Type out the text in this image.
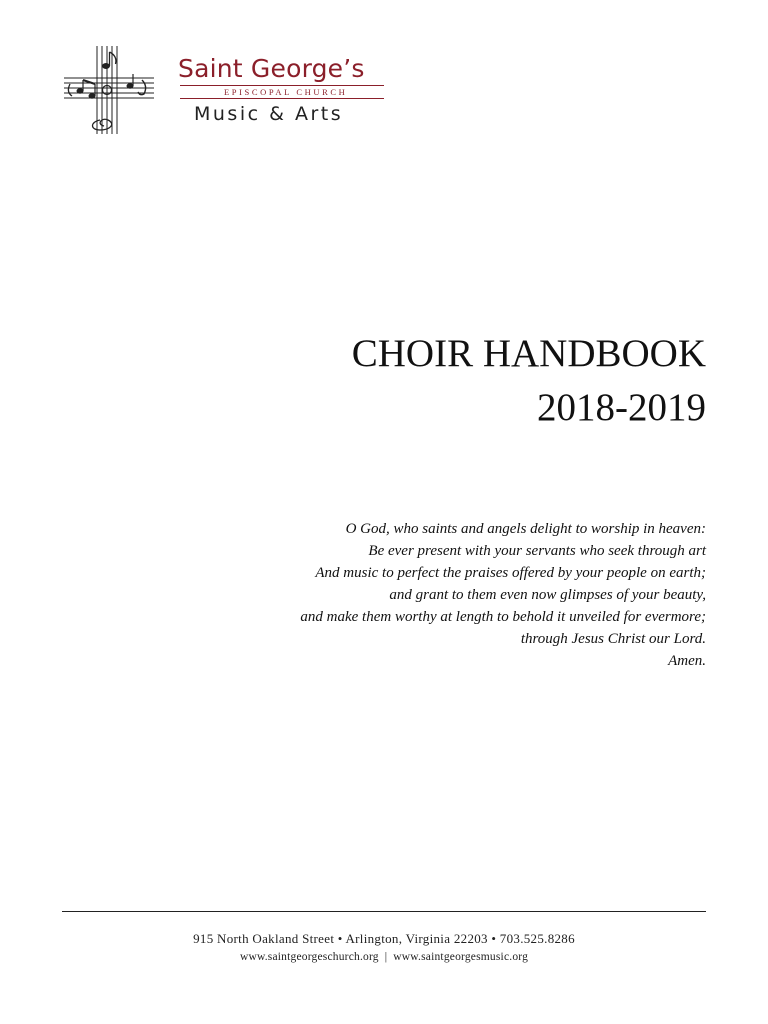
Saint George’s
EPISCOPAL CHURCH
Music & Arts
CHOIR HANDBOOK
2018-2019
O God, who saints and angels delight to worship in heaven:
Be ever present with your servants who seek through art
And music to perfect the praises offered by your people on earth;
and grant to them even now glimpses of your beauty,
and make them worthy at length to behold it unveiled for evermore;
through Jesus Christ our Lord.
Amen.
915 North Oakland Street • Arlington, Virginia 22203 • 703.525.8286
www.saintgeorgeschurch.org | www.saintgeorgesmusic.org
